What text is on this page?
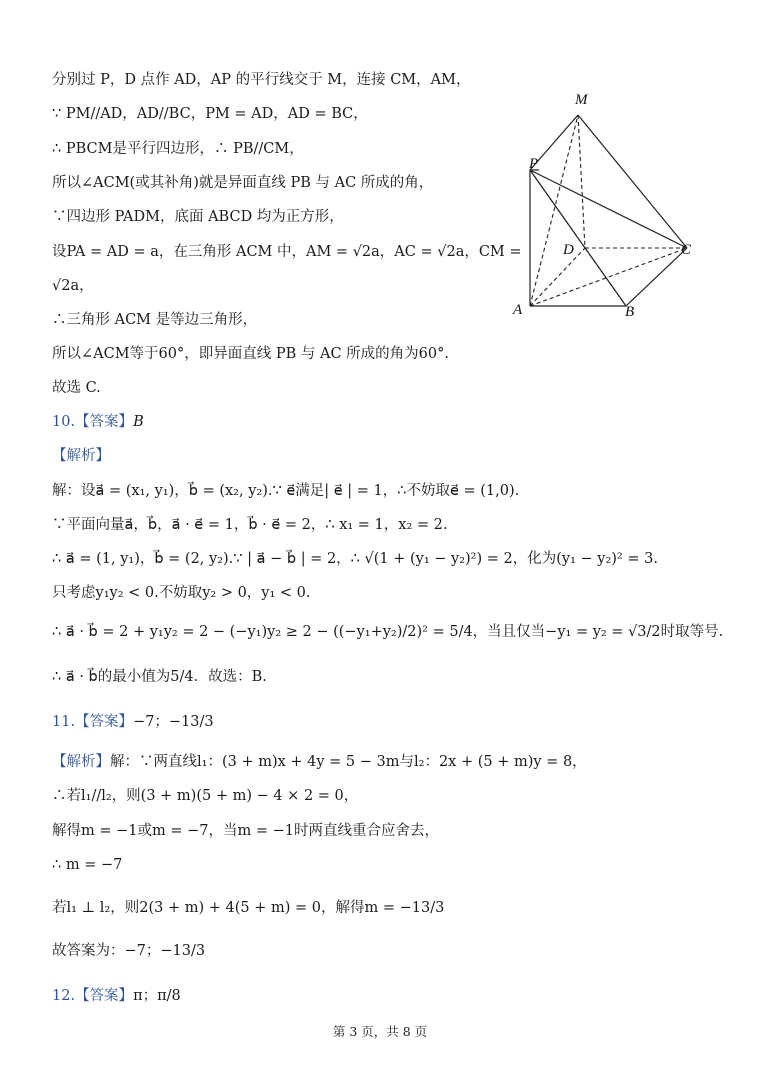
分别过 P，D 点作 AD，AP 的平行线交于 M，连接 CM，AM，
∵ PM//AD，AD//BC，PM = AD，AD = BC，
∴ PBCM是平行四边形，∴ PB//CM，
所以∠ACM(或其补角)就是异面直线 PB 与 AC 所成的角，
∵四边形 PADM，底面 ABCD 均为正方形，
设PA = AD = a，在三角形 ACM 中，AM = √2a，AC = √2a，CM =
√2a，
∴三角形 ACM 是等边三角形，
所以∠ACM等于60°，即异面直线 PB 与 AC 所成的角为60°.
故选 C.
10.【答案】B
【解析】
解：设a⃗ = (x₁, y₁)，b⃗ = (x₂, y₂).∵ e⃗满足| e⃗ | = 1，∴不妨取e⃗ = (1,0).
∵平面向量a⃗，b⃗，a⃗ · e⃗ = 1，b⃗ · e⃗ = 2，∴ x₁ = 1，x₂ = 2.
∴ a⃗ = (1, y₁)，b⃗ = (2, y₂).∵ | a⃗ − b⃗ | = 2，∴ √(1 + (y₁ − y₂)²) = 2，化为(y₁ − y₂)² = 3.
只考虑y₁y₂ < 0.不妨取y₂ > 0，y₁ < 0.
∴ a⃗ · b⃗ = 2 + y₁y₂ = 2 − (−y₁)y₂ ≥ 2 − ((−y₁+y₂)/2)² = 5/4，当且仅当−y₁ = y₂ = √3/2时取等号.
∴ a⃗ · b⃗的最小值为5/4．故选：B.
11.【答案】−7；−13/3
【解析】解：∵两直线l₁：(3 + m)x + 4y = 5 − 3m与l₂：2x + (5 + m)y = 8，
∴若l₁//l₂，则(3 + m)(5 + m) − 4 × 2 = 0，
解得m = −1或m = −7，当m = −1时两直线重合应舍去，
∴ m = −7
若l₁ ⊥ l₂，则2(3 + m) + 4(5 + m) = 0，解得m = −13/3
故答案为：−7；−13/3
12.【答案】π；π/8
M
P
D	C
A	B
第 3 页，共 8 页
